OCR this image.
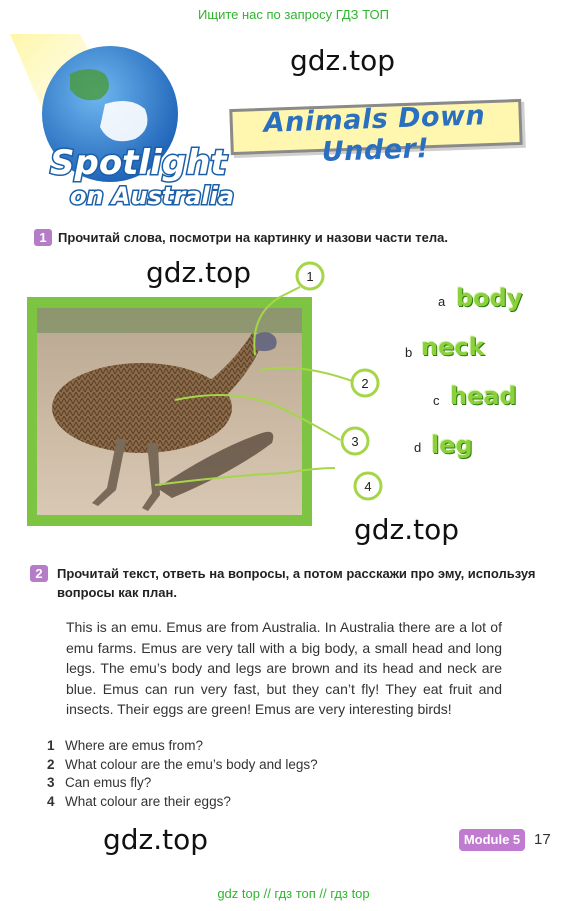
Ищите нас по запросу ГДЗ ТОП
Spotlight
on Australia
gdz.top
gdz.top
gdz.top
gdz.top
Animals Down Under!
1 Прочитай слова, посмотри на картинку и назови части тела.
1
2
3
4
a body
b neck
c head
d leg
2	Прочитай текст, ответь на вопросы, а потом расскажи про эму, используя вопросы как план.
This is an emu. Emus are from Australia. In Australia there are a lot of emu farms. Emus are very tall with a big body, a small head and long legs. The emu’s body and legs are brown and its head and neck are blue. Emus can run very fast, but they can’t fly! They eat fruit and insects. Their eggs are green! Emus are very interesting birds!
1 Where are emus from?
2 What colour are the emu’s body and legs?
3 Can emus fly?
4 What colour are their eggs?
Module 5 17
gdz top // гдз топ // гдз top
